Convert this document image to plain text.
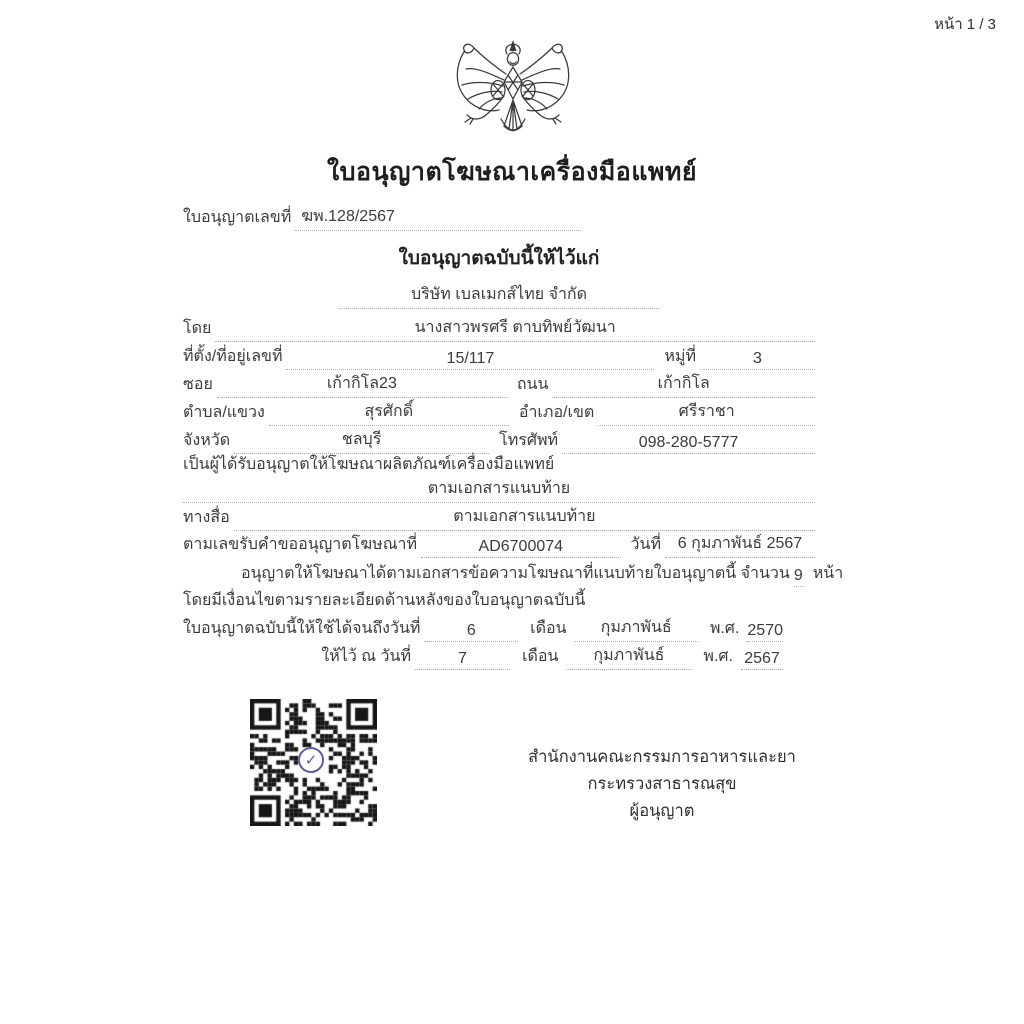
หน้า 1 / 3
ใบอนุญาตโฆษณาเครื่องมือแพทย์
ใบอนุญาตเลขที่ ฆพ.128/2567
ใบอนุญาตฉบับนี้ให้ไว้แก่
บริษัท เบลเมกส์ไทย จำกัด
โดย	นางสาวพรศรี ตาบทิพย์วัฒนา
ที่ตั้ง/ที่อยู่เลขที่	15/117	หมู่ที่	3
ซอย	เก้ากิโล23	ถนน	เก้ากิโล
ตำบล/แขวง	สุรศักดิ์	อำเภอ/เขต	ศรีราชา
จังหวัด	ชลบุรี	โทรศัพท์	098-280-5777
เป็นผู้ได้รับอนุญาตให้โฆษณาผลิตภัณฑ์เครื่องมือแพทย์
ตามเอกสารแนบท้าย
ทางสื่อ	ตามเอกสารแนบท้าย
ตามเลขรับคำขออนุญาตโฆษณาที่	AD6700074	วันที่	6 กุมภาพันธ์ 2567
อนุญาตให้โฆษณาได้ตามเอกสารข้อความโฆษณาที่แนบท้ายใบอนุญาตนี้ จำนวน 9 หน้า
โดยมีเงื่อนไขตามรายละเอียดด้านหลังของใบอนุญาตฉบับนี้
ใบอนุญาตฉบับนี้ให้ใช้ได้จนถึงวันที่	6	เดือน	กุมภาพันธ์	พ.ศ. 2570
ให้ไว้ ณ วันที่	7	เดือน	กุมภาพันธ์	พ.ศ. 2567
✓	สำนักงานคณะกรรมการอาหารและยา
กระทรวงสาธารณสุข
ผู้อนุญาต
